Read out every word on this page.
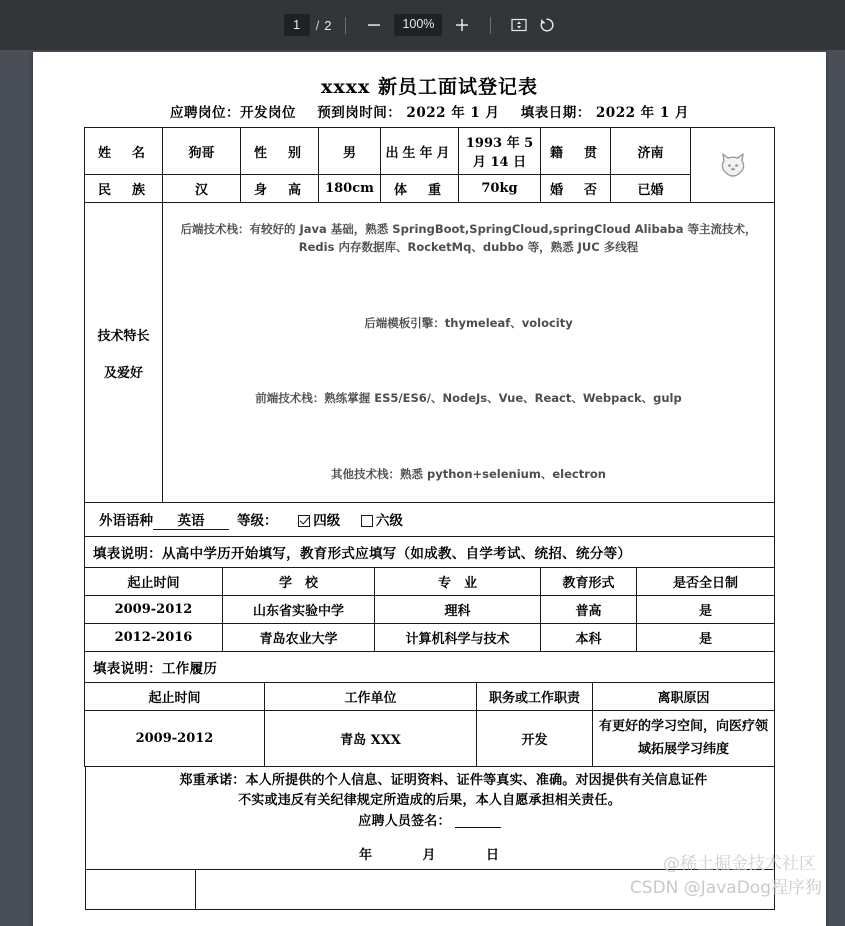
1	/ 2	100%
xxxx 新员工面试登记表
应聘岗位：开发岗位 预到岗时间： 2022 年 1 月 填表日期： 2022 年 1 月
姓　名	狗哥	性　别	男	出生年月	1993 年 5 月 14 日	籍　贯	济南	

民　族	汉	身　高	180cm	体　重	70kg	婚　否	已婚	

技术特长
及爱好

后端技术栈：有较好的 Java 基础，熟悉 SpringBoot,SpringCloud,springCloud Alibaba 等主流技术，Redis 内存数据库、RocketMq、dubbo 等，熟悉 JUC 多线程

后端模板引擎：thymeleaf、volocity

前端技术栈：熟练掌握 ES5/ES6/、NodeJs、Vue、React、Webpack、gulp

其他技术栈：熟悉 python+selenium、electron

外语语种 英语 等级： 四级 六级								
填表说明：从高中学历开始填写，教育形式应填写（如成教、自学考试、统招、统分等）				
起止时间	学　校	专　业	教育形式	是否全日制
2009-2012	山东省实验中学	理科	普高	是
2012-2016	青岛农业大学	计算机科学与技术	本科	是
填表说明：工作履历			
起止时间	工作单位	职务或工作职责	离职原因
2009-2012	青岛 XXX	开发	有更好的学习空间，向医疗领域拓展学习纬度
郑重承诺：本人所提供的个人信息、证明资料、证件等真实、准确。对因提供有关信息证件
不实或违反有关纪律规定所造成的后果，本人自愿承担相关责任。
应聘人员签名：
年	月	日
		@稀土掘金技术社区
CSDN @JavaDog程序狗
